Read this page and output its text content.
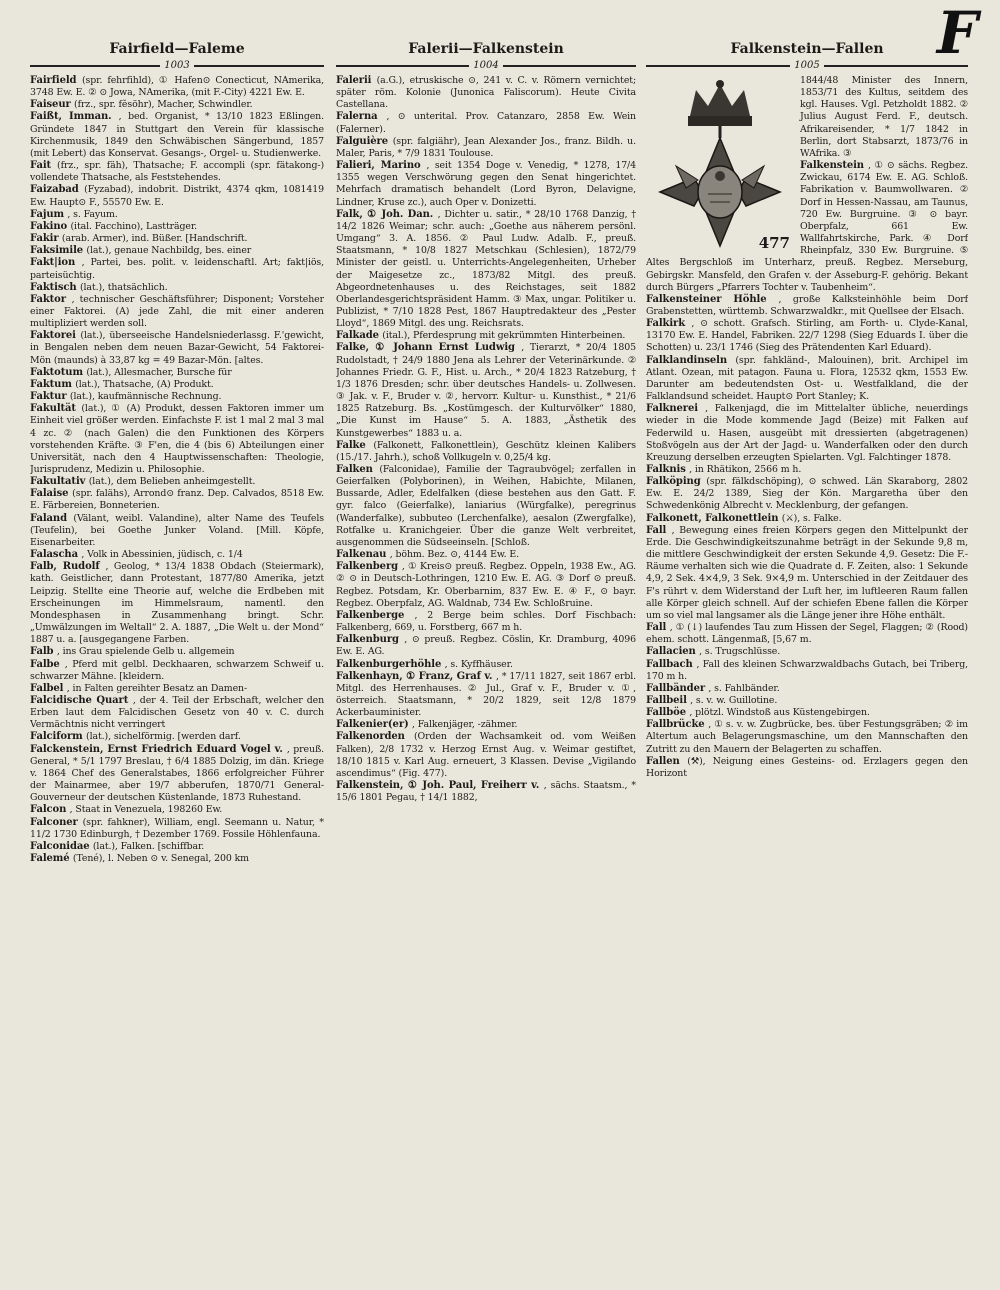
F
Fairfield—Faleme
1003

Fairfield (spr. fehrfihld), ① Hafen⊙ Conecticut, NAmerika, 3748 Ew. E. ② ⊙ Jowa, NAmerika, (mit F.-City) 4221 Ew. E.

Faiseur (frz., spr. fĕsöhr), Macher, Schwindler.

Faißt, Imman. , bed. Organist, * 13/10 1823 Eßlingen. Gründete 1847 in Stuttgart den Verein für klassische Kirchenmusik, 1849 den Schwäbischen Sängerbund, 1857 (mit Lebert) das Konservat. Gesangs-, Orgel- u. Studienwerke.

Fait (frz., spr. fäh), Thatsache; F. accompli (spr. fätakong-) vollendete Thatsache, als Feststehendes.

Faizabad (Fyzabad), indobrit. Distrikt, 4374 qkm, 1081419 Ew. Haupt⊙ F., 55570 Ew. E.

Fajum , s. Fayum.

Fakino (ital. Facchino), Lastträger.

Fakir (arab. Armer), ind. Büßer. [Handschrift.

Faksimile (lat.), genaue Nachbildg, bes. einer

Fakt|ion , Partei, bes. polit. v. leidenschaftl. Art; fakt|iös, parteisüchtig.

Faktisch (lat.), thatsächlich.

Faktor , technischer Geschäftsführer; Disponent; Vorsteher einer Faktorei. (A) jede Zahl, die mit einer anderen multipliziert werden soll.

Faktorei (lat.), überseeische Handelsniederlassg. F.'gewicht, in Bengalen neben dem neuen Bazar-Gewicht, 54 Faktorei-Mön (maunds) à 33,87 kg = 49 Bazar-Mön. [altes.

Faktotum (lat.), Allesmacher, Bursche für

Faktum (lat.), Thatsache, (A) Produkt.

Faktur (lat.), kaufmännische Rechnung.

Fakultät (lat.), ① (A) Produkt, dessen Faktoren immer um Einheit viel größer werden. Einfachste F. ist 1 mal 2 mal 3 mal 4 zc. ② (nach Galen) die den Funktionen des Körpers vorstehenden Kräfte. ③ F'en, die 4 (bis 6) Abteilungen einer Universität, nach den 4 Hauptwissenschaften: Theologie, Jurisprudenz, Medizin u. Philosophie.

Fakultativ (lat.), dem Belieben anheimgestellt.

Falaise (spr. falähs), Arrond⊙ franz. Dep. Calvados, 8518 Ew. E. Färbereien, Bonneterien.

Faland (Välant, weibl. Valandine), alter Name des Teufels (Teufelin), bei Goethe Junker Voland. [Mill. Köpfe, Eisenarbeiter.

Falascha , Volk in Abessinien, jüdisch, c. 1/4

Falb, Rudolf , Geolog, * 13/4 1838 Obdach (Steiermark), kath. Geistlicher, dann Protestant, 1877/80 Amerika, jetzt Leipzig. Stellte eine Theorie auf, welche die Erdbeben mit Erscheinungen im Himmelsraum, namentl. den Mondesphasen in Zusammenhang bringt. Schr. „Umwälzungen im Weltall“ 2. A. 1887, „Die Welt u. der Mond“ 1887 u. a. [ausgegangene Farben.

Falb , ins Grau spielende Gelb u. allgemein

Falbe , Pferd mit gelbl. Deckhaaren, schwarzem Schweif u. schwarzer Mähne. [kleidern.

Falbel , in Falten gereihter Besatz an Damen-

Falcidische Quart , der 4. Teil der Erbschaft, welcher den Erben laut dem Falcidischen Gesetz von 40 v. C. durch Vermächtnis nicht verringert

Falciform (lat.), sichelförmig. [werden darf.

Falckenstein, Ernst Friedrich Eduard Vogel v. , preuß. General, * 5/1 1797 Breslau, † 6/4 1885 Dolzig, im dän. Kriege v. 1864 Chef des Generalstabes, 1866 erfolgreicher Führer der Mainarmee, aber 19/7 abberufen, 1870/71 General-Gouverneur der deutschen Küstenlande, 1873 Ruhestand.

Falcon , Staat in Venezuela, 198260 Ew.

Falconer (spr. fahkner), William, engl. Seemann u. Natur, * 11/2 1730 Edinburgh, † Dezember 1769. Fossile Höhlenfauna.

Falconidae (lat.), Falken. [schiffbar.

Falemé (Tené), l. Neben ⊙ v. Senegal, 200 km

Falerii—Falkenstein
1004

Falerii (a.G.), etruskische ⊙, 241 v. C. v. Römern vernichtet; später röm. Kolonie (Junonica Faliscorum). Heute Civita Castellana.

Falerna , ⊙ unterital. Prov. Catanzaro, 2858 Ew. Wein (Falerner).

Falguière (spr. falgiähr), Jean Alexander Jos., franz. Bildh. u. Maler, Paris, * 7/9 1831 Toulouse.

Falieri, Marino , seit 1354 Doge v. Venedig, * 1278, 17/4 1355 wegen Verschwörung gegen den Senat hingerichtet. Mehrfach dramatisch behandelt (Lord Byron, Delavigne, Lindner, Kruse zc.), auch Oper v. Donizetti.

Falk, ① Joh. Dan. , Dichter u. satir., * 28/10 1768 Danzig, † 14/2 1826 Weimar; schr. auch: „Goethe aus näherem persönl. Umgang“ 3. A. 1856. ② Paul Ludw. Adalb. F., preuß. Staatsmann, * 10/8 1827 Metschkau (Schlesien), 1872/79 Minister der geistl. u. Unterrichts-Angelegenheiten, Urheber der Maigesetze zc., 1873/82 Mitgl. des preuß. Abgeordnetenhauses u. des Reichstages, seit 1882 Oberlandesgerichtspräsident Hamm. ③ Max, ungar. Politiker u. Publizist, * 7/10 1828 Pest, 1867 Hauptredakteur des „Pester Lloyd“, 1869 Mitgl. des ung. Reichsrats.

Falkade (ital.), Pferdesprung mit gekrümmten Hinterbeinen.

Falke, ① Johann Ernst Ludwig , Tierarzt, * 20/4 1805 Rudolstadt, † 24/9 1880 Jena als Lehrer der Veterinärkunde. ② Johannes Friedr. G. F., Hist. u. Arch., * 20/4 1823 Ratzeburg, † 1/3 1876 Dresden; schr. über deutsches Handels- u. Zollwesen. ③ Jak. v. F., Bruder v. ②, hervorr. Kultur- u. Kunsthist., * 21/6 1825 Ratzeburg. Bs. „Kostümgesch. der Kulturvölker“ 1880, „Die Kunst im Hause“ 5. A. 1883, „Ästhetik des Kunstgewerbes“ 1883 u. a.

Falke (Falkonett, Falkonettlein), Geschütz kleinen Kalibers (15./17. Jahrh.), schoß Vollkugeln v. 0,25/4 kg.

Falken (Falconidae), Familie der Tagraubvögel; zerfallen in Geierfalken (Polyborinen), in Weihen, Habichte, Milanen, Bussarde, Adler, Edelfalken (diese bestehen aus den Gatt. F. gyr. falco (Geierfalke), laniarius (Würgfalke), peregrinus (Wanderfalke), subbuteo (Lerchenfalke), aesalon (Zwergfalke), Rotfalke u. Kranichgeier. Über die ganze Welt verbreitet, ausgenommen die Südseeinseln. [Schloß.

Falkenau , böhm. Bez. ⊙, 4144 Ew. E.

Falkenberg , ① Kreis⊙ preuß. Regbez. Oppeln, 1938 Ew., AG. ② ⊙ in Deutsch-Lothringen, 1210 Ew. E. AG. ③ Dorf ⊙ preuß. Regbez. Potsdam, Kr. Oberbarnim, 837 Ew. E. ④ F., ⊙ bayr. Regbez. Oberpfalz, AG. Waldnab, 734 Ew. Schloßruine.

Falkenberge , 2 Berge beim schles. Dorf Fischbach: Falkenberg, 669, u. Forstberg, 667 m h.

Falkenburg , ⊙ preuß. Regbez. Cöslin, Kr. Dramburg, 4096 Ew. E. AG.

Falkenburgerhöhle , s. Kyffhäuser.

Falkenhayn, ① Franz, Graf v. , * 17/11 1827, seit 1867 erbl. Mitgl. des Herrenhauses. ② Jul., Graf v. F., Bruder v. ①, österreich. Staatsmann, * 20/2 1829, seit 12/8 1879 Ackerbauminister.

Falkenier(er) , Falkenjäger, -zähmer.

Falkenorden (Orden der Wachsamkeit od. vom Weißen Falken), 2/8 1732 v. Herzog Ernst Aug. v. Weimar gestiftet, 18/10 1815 v. Karl Aug. erneuert, 3 Klassen. Devise „Vigilando ascendimus“ (Fig. 477).

Falkenstein, ① Joh. Paul, Freiherr v. , sächs. Staatsm., * 15/6 1801 Pegau, † 14/1 1882,

Falkenstein—Fallen
1005
477

1844/48 Minister des Innern, 1853/71 des Kultus, seitdem des kgl. Hauses. Vgl. Petzholdt 1882. ② Julius August Ferd. F., deutsch. Afrikareisender, * 1/7 1842 in Berlin, dort Stabsarzt, 1873/76 in WAfrika. ③

Falkenstein , ① ⊙ sächs. Regbez. Zwickau, 6174 Ew. E. AG. Schloß. Fabrikation v. Baumwollwaren. ② Dorf in Hessen-Nassau, am Taunus, 720 Ew. Burgruine. ③ ⊙ bayr. Oberpfalz, 661 Ew. Wallfahrtskirche, Park. ④ Dorf Rheinpfalz, 330 Ew. Burgruine. ⑤ Altes Bergschloß im Unterharz, preuß. Regbez. Merseburg, Gebirgskr. Mansfeld, den Grafen v. der Asseburg-F. gehörig. Bekant durch Bürgers „Pfarrers Tochter v. Taubenheim“.

Falkensteiner Höhle , große Kalksteinhöhle beim Dorf Grabenstetten, württemb. Schwarzwaldkr., mit Quellsee der Elsach.

Falkirk , ⊙ schott. Grafsch. Stirling, am Forth- u. Clyde-Kanal, 13170 Ew. E. Handel, Fabriken. 22/7 1298 (Sieg Eduards I. über die Schotten) u. 23/1 1746 (Sieg des Prätendenten Karl Eduard).

Falklandinseln (spr. fahkländ-, Malouinen), brit. Archipel im Atlant. Ozean, mit patagon. Fauna u. Flora, 12532 qkm, 1553 Ew. Darunter am bedeutendsten Ost- u. Westfalkland, die der Falklandsund scheidet. Haupt⊙ Port Stanley; K.

Falknerei , Falkenjagd, die im Mittelalter übliche, neuerdings wieder in die Mode kommende Jagd (Beize) mit Falken auf Federwild u. Hasen, ausgeübt mit dressierten (abgetragenen) Stoßvögeln aus der Art der Jagd- u. Wanderfalken oder den durch Kreuzung derselben erzeugten Spielarten. Vgl. Falchtinger 1878.

Falknis , in Rhätikon, 2566 m h.

Falköping (spr. fälkdschöping), ⊙ schwed. Län Skaraborg, 2802 Ew. E. 24/2 1389, Sieg der Kön. Margaretha über den Schwedenkönig Albrecht v. Mecklenburg, der gefangen.

Falkonett, Falkonettlein (⚔), s. Falke.

Fall , Bewegung eines freien Körpers gegen den Mittelpunkt der Erde. Die Geschwindigkeitszunahme beträgt in der Sekunde 9,8 m, die mittlere Geschwindigkeit der ersten Sekunde 4,9. Gesetz: Die F.-Räume verhalten sich wie die Quadrate d. F. Zeiten, also: 1 Sekunde 4,9, 2 Sek. 4×4,9, 3 Sek. 9×4,9 m. Unterschied in der Zeitdauer des F's rührt v. dem Widerstand der Luft her, im luftleeren Raum fallen alle Körper gleich schnell. Auf der schiefen Ebene fallen die Körper um so viel mal langsamer als die Länge jener ihre Höhe enthält.

Fall , ① (↓) laufendes Tau zum Hissen der Segel, Flaggen; ② (Rood) ehem. schott. Längenmaß, [5,67 m.

Fallacien , s. Trugschlüsse.

Fallbach , Fall des kleinen Schwarzwaldbachs Gutach, bei Triberg, 170 m h.

Fallbänder , s. Fahlbänder.

Fallbeil , s. v. w. Guillotine.

Fallböe , plötzl. Windstoß aus Küstengebirgen.

Fallbrücke , ① s. v. w. Zugbrücke, bes. über Festungsgräben; ② im Altertum auch Belagerungsmaschine, um den Mannschaften den Zutritt zu den Mauern der Belagerten zu schaffen.

Fallen (⚒), Neigung eines Gesteins- od. Erzlagers gegen den Horizont
